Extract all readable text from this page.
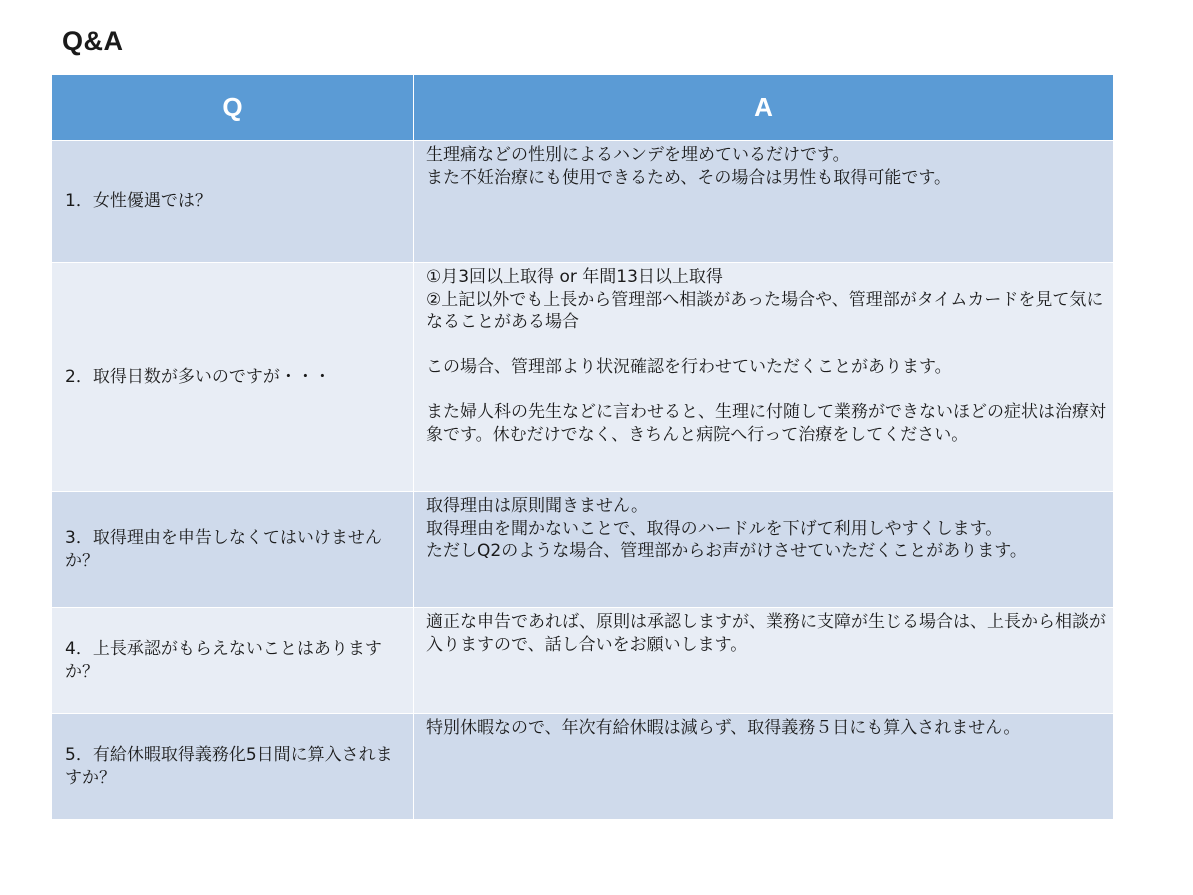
Q&A
Q	A
1．女性優遇では？	生理痛などの性別によるハンデを埋めているだけです。
また不妊治療にも使用できるため、その場合は男性も取得可能です。

2．取得日数が多いのですが・・・	①月3回以上取得 or 年間13日以上取得
②上記以外でも上長から管理部へ相談があった場合や、管理部がタイムカードを見て気になることがある場合
この場合、管理部より状況確認を行わせていただくことがあります。
また婦人科の先生などに言わせると、生理に付随して業務ができないほどの症状は治療対象です。休むだけでなく、きちんと病院へ行って治療をしてください。

3．取得理由を申告しなくてはいけませんか？	取得理由は原則聞きません。
取得理由を聞かないことで、取得のハードルを下げて利用しやすくします。
ただしQ2のような場合、管理部からお声がけさせていただくことがあります。

4．上長承認がもらえないことはありますか？	適正な申告であれば、原則は承認しますが、業務に支障が生じる場合は、上長から相談が入りますので、話し合いをお願いします。

5．有給休暇取得義務化5日間に算入されますか？	特別休暇なので、年次有給休暇は減らず、取得義務５日にも算入されません。
